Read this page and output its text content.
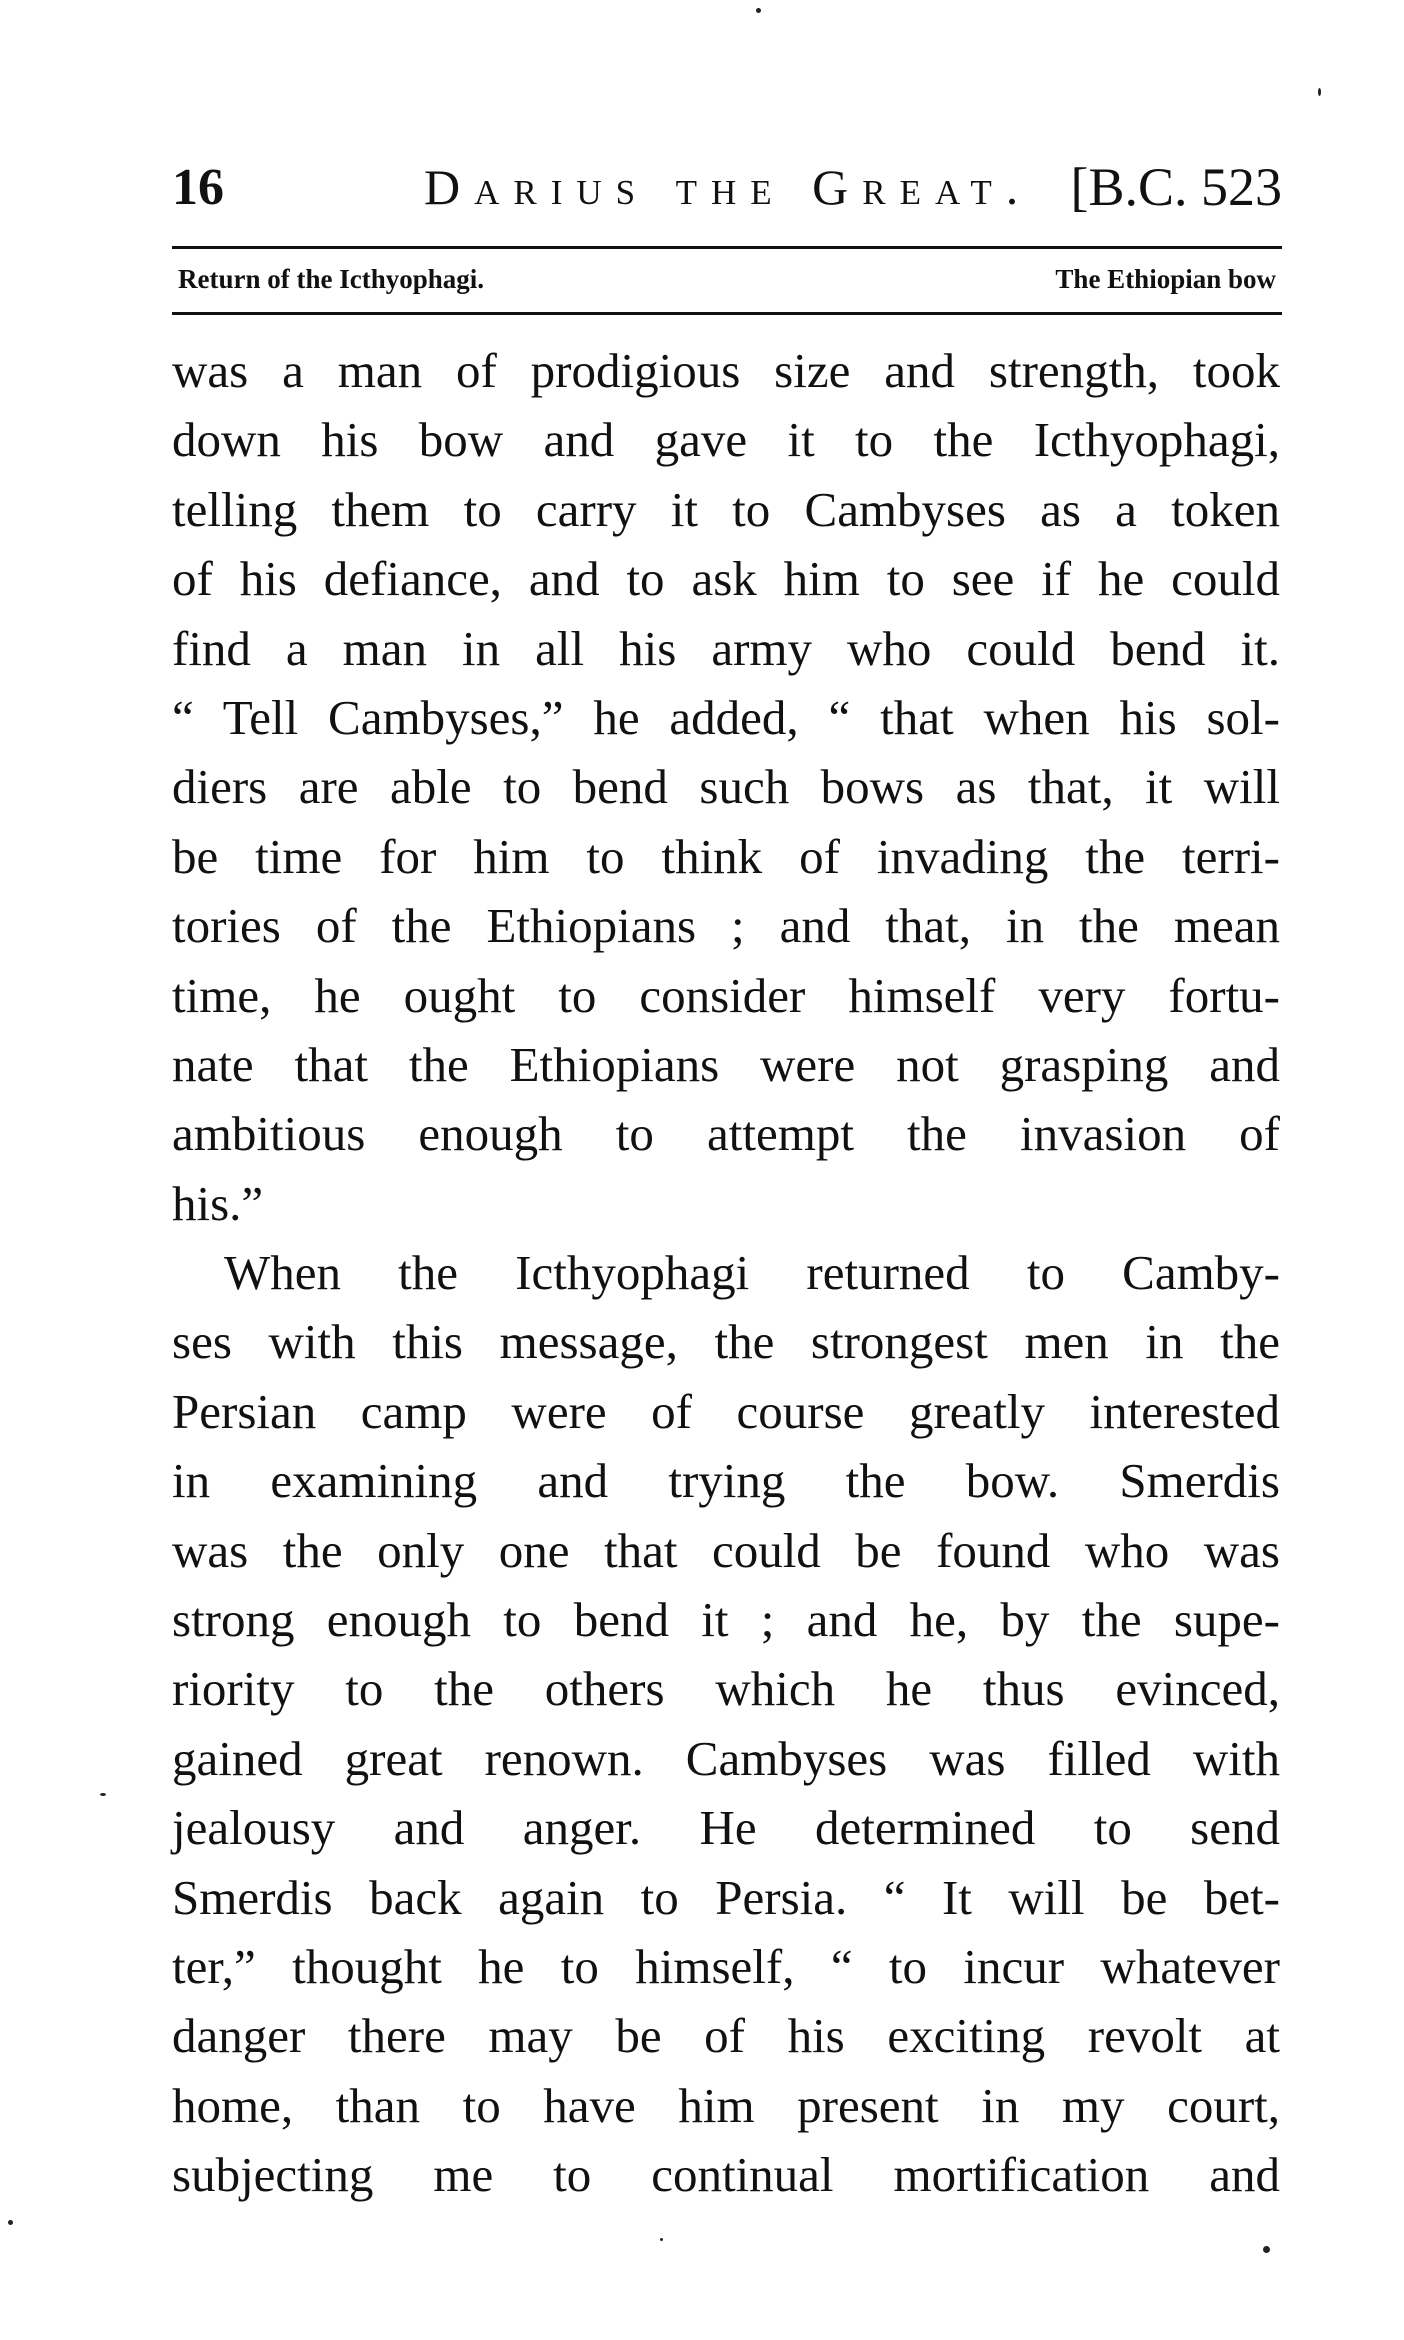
16	Darius the Great. [B.C. 523
Return of the Icthyophagi.	The Ethiopian bow
was a man of prodigious size and strength, took
down his bow and gave it to the Icthyophagi,
telling them to carry it to Cambyses as a token
of his defiance, and to ask him to see if he could
find a man in all his army who could bend it.
“ Tell Cambyses,” he added, “ that when his sol-
diers are able to bend such bows as that, it will
be time for him to think of invading the terri-
tories of the Ethiopians ; and that, in the mean
time, he ought to consider himself very fortu-
nate that the Ethiopians were not grasping and
ambitious enough to attempt the invasion of
his.”
When the Icthyophagi returned to Camby-
ses with this message, the strongest men in the
Persian camp were of course greatly interested
in examining and trying the bow. Smerdis
was the only one that could be found who was
strong enough to bend it ; and he, by the supe-
riority to the others which he thus evinced,
gained great renown. Cambyses was filled with
jealousy and anger. He determined to send
Smerdis back again to Persia. “ It will be bet-
ter,” thought he to himself, “ to incur whatever
danger there may be of his exciting revolt at
home, than to have him present in my court,
subjecting me to continual mortification and
